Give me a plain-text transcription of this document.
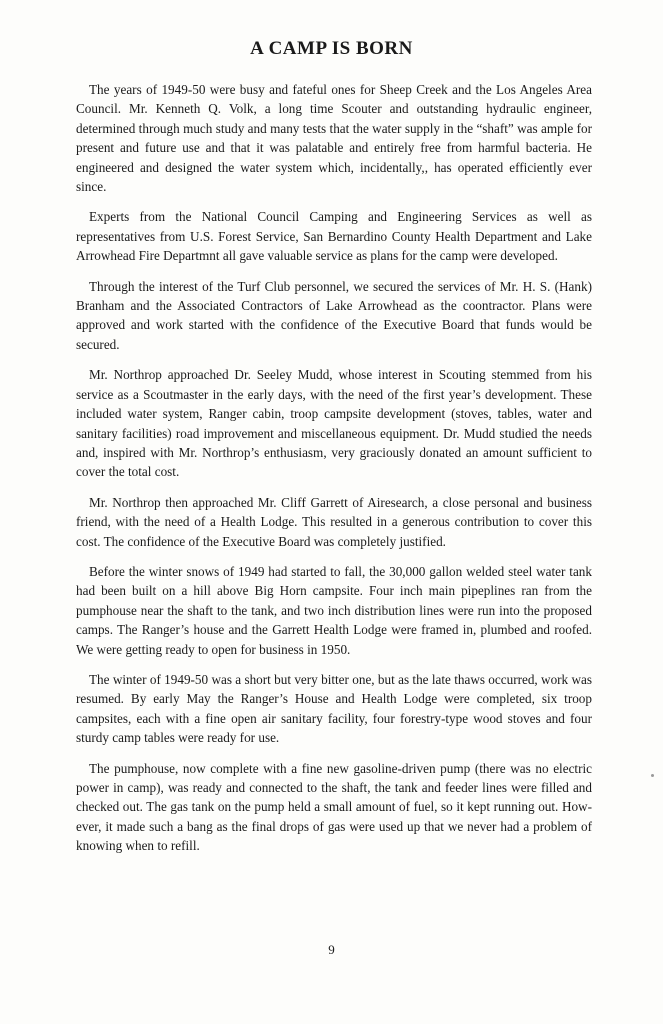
A CAMP IS BORN

The years of 1949-50 were busy and fateful ones for Sheep Creek and the Los Angeles Area Council. Mr. Kenneth Q. Volk, a long time Scouter and outstanding hydraulic engineer, determined through much study and many tests that the water supply in the “shaft” was ample for present and future use and that it was palatable and entirely free from harmful bacteria. He engineered and designed the water system which, incidentally,, has operated efficiently ever since.

Experts from the National Council Camping and Engineering Services as well as representatives from U.S. Forest Service, San Bernardino County Health Department and Lake Arrowhead Fire Departmnt all gave valuable service as plans for the camp were developed.

Through the interest of the Turf Club personnel, we secured the services of Mr. H. S. (Hank) Branham and the Associated Contractors of Lake Arrowhead as the coontractor. Plans were approved and work started with the confidence of the Executive Board that funds would be secured.

Mr. Northrop approached Dr. Seeley Mudd, whose interest in Scouting stemmed from his service as a Scoutmaster in the early days, with the need of the first year’s development. These included water system, Ranger cabin, troop campsite development (stoves, tables, water and sanitary facilities) road improvement and miscellaneous equipment. Dr. Mudd studied the needs and, inspired with Mr. Northrop’s enthusiasm, very graciously donated an amount sufficient to cover the total cost.

Mr. Northrop then approached Mr. Cliff Garrett of Airesearch, a close personal and business friend, with the need of a Health Lodge. This resulted in a generous contribution to cover this cost. The confidence of the Executive Board was completely justified.

Before the winter snows of 1949 had started to fall, the 30,000 gallon welded steel water tank had been built on a hill above Big Horn campsite. Four inch main pipeplines ran from the pumphouse near the shaft to the tank, and two inch distribution lines were run into the proposed camps. The Ranger’s house and the Garrett Health Lodge were framed in, plumbed and roofed. We were getting ready to open for business in 1950.

The winter of 1949-50 was a short but very bitter one, but as the late thaws occurred, work was resumed. By early May the Ranger’s House and Health Lodge were completed, six troop campsites, each with a fine open air sanitary facility, four forestry-type wood stoves and four sturdy camp tables were ready for use.

The pumphouse, now complete with a fine new gasoline-driven pump (there was no electric power in camp), was ready and connected to the shaft, the tank and feeder lines were filled and checked out. The gas tank on the pump held a small amount of fuel, so it kept running out. However, it made such a bang as the final drops of gas were used up that we never had a problem of knowing when to refill.

9
